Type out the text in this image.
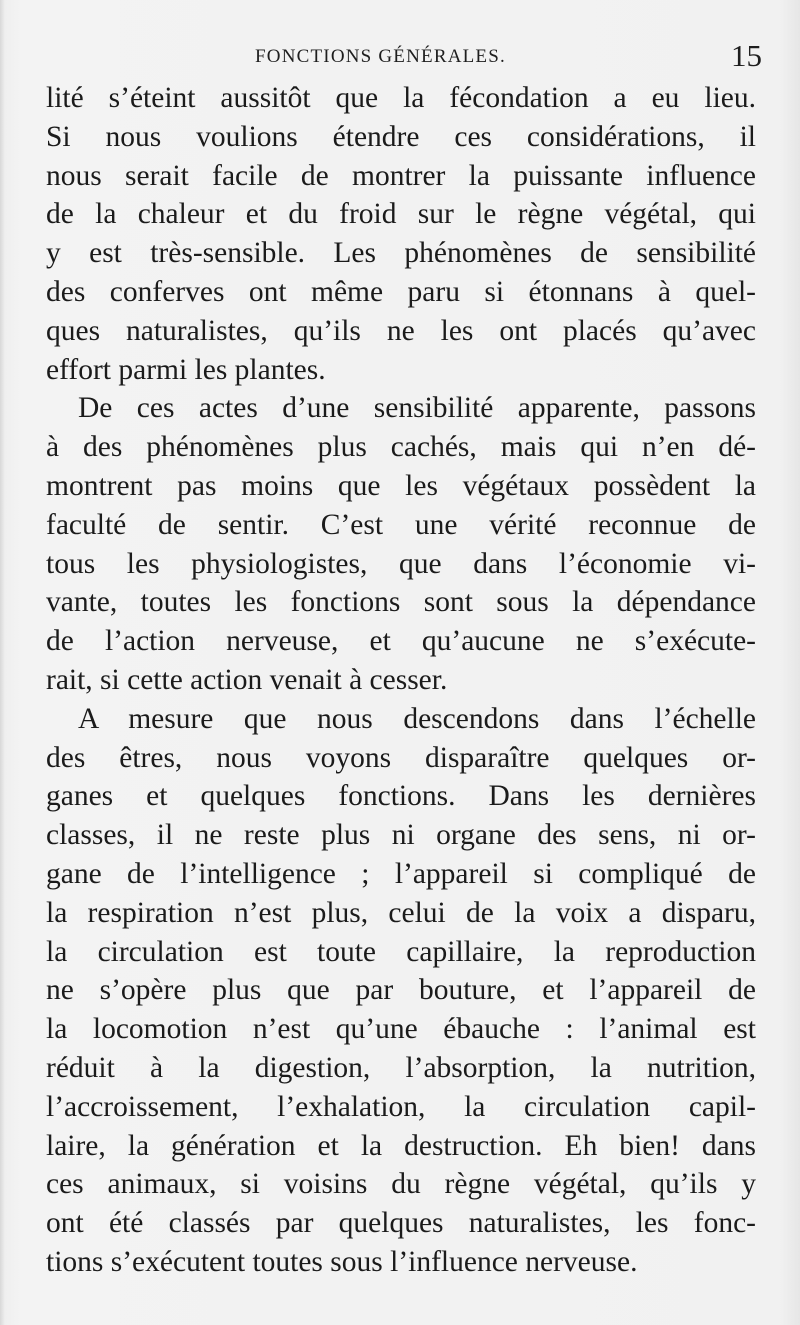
FONCTIONS GÉNÉRALES.	15
lité s’éteint aussitôt que la fécondation a eu lieu.
Si nous voulions étendre ces considérations, il
nous serait facile de montrer la puissante influence
de la chaleur et du froid sur le règne végétal, qui
y est très-sensible. Les phénomènes de sensibilité
des conferves ont même paru si étonnans à quel-
ques naturalistes, qu’ils ne les ont placés qu’avec
effort parmi les plantes.
De ces actes d’une sensibilité apparente, passons
à des phénomènes plus cachés, mais qui n’en dé-
montrent pas moins que les végétaux possèdent la
faculté de sentir. C’est une vérité reconnue de
tous les physiologistes, que dans l’économie vi-
vante, toutes les fonctions sont sous la dépendance
de l’action nerveuse, et qu’aucune ne s’exécute-
rait, si cette action venait à cesser.
A mesure que nous descendons dans l’échelle
des êtres, nous voyons disparaître quelques or-
ganes et quelques fonctions. Dans les dernières
classes, il ne reste plus ni organe des sens, ni or-
gane de l’intelligence ; l’appareil si compliqué de
la respiration n’est plus, celui de la voix a disparu,
la circulation est toute capillaire, la reproduction
ne s’opère plus que par bouture, et l’appareil de
la locomotion n’est qu’une ébauche : l’animal est
réduit à la digestion, l’absorption, la nutrition,
l’accroissement, l’exhalation, la circulation capil-
laire, la génération et la destruction. Eh bien! dans
ces animaux, si voisins du règne végétal, qu’ils y
ont été classés par quelques naturalistes, les fonc-
tions s’exécutent toutes sous l’influence nerveuse.
